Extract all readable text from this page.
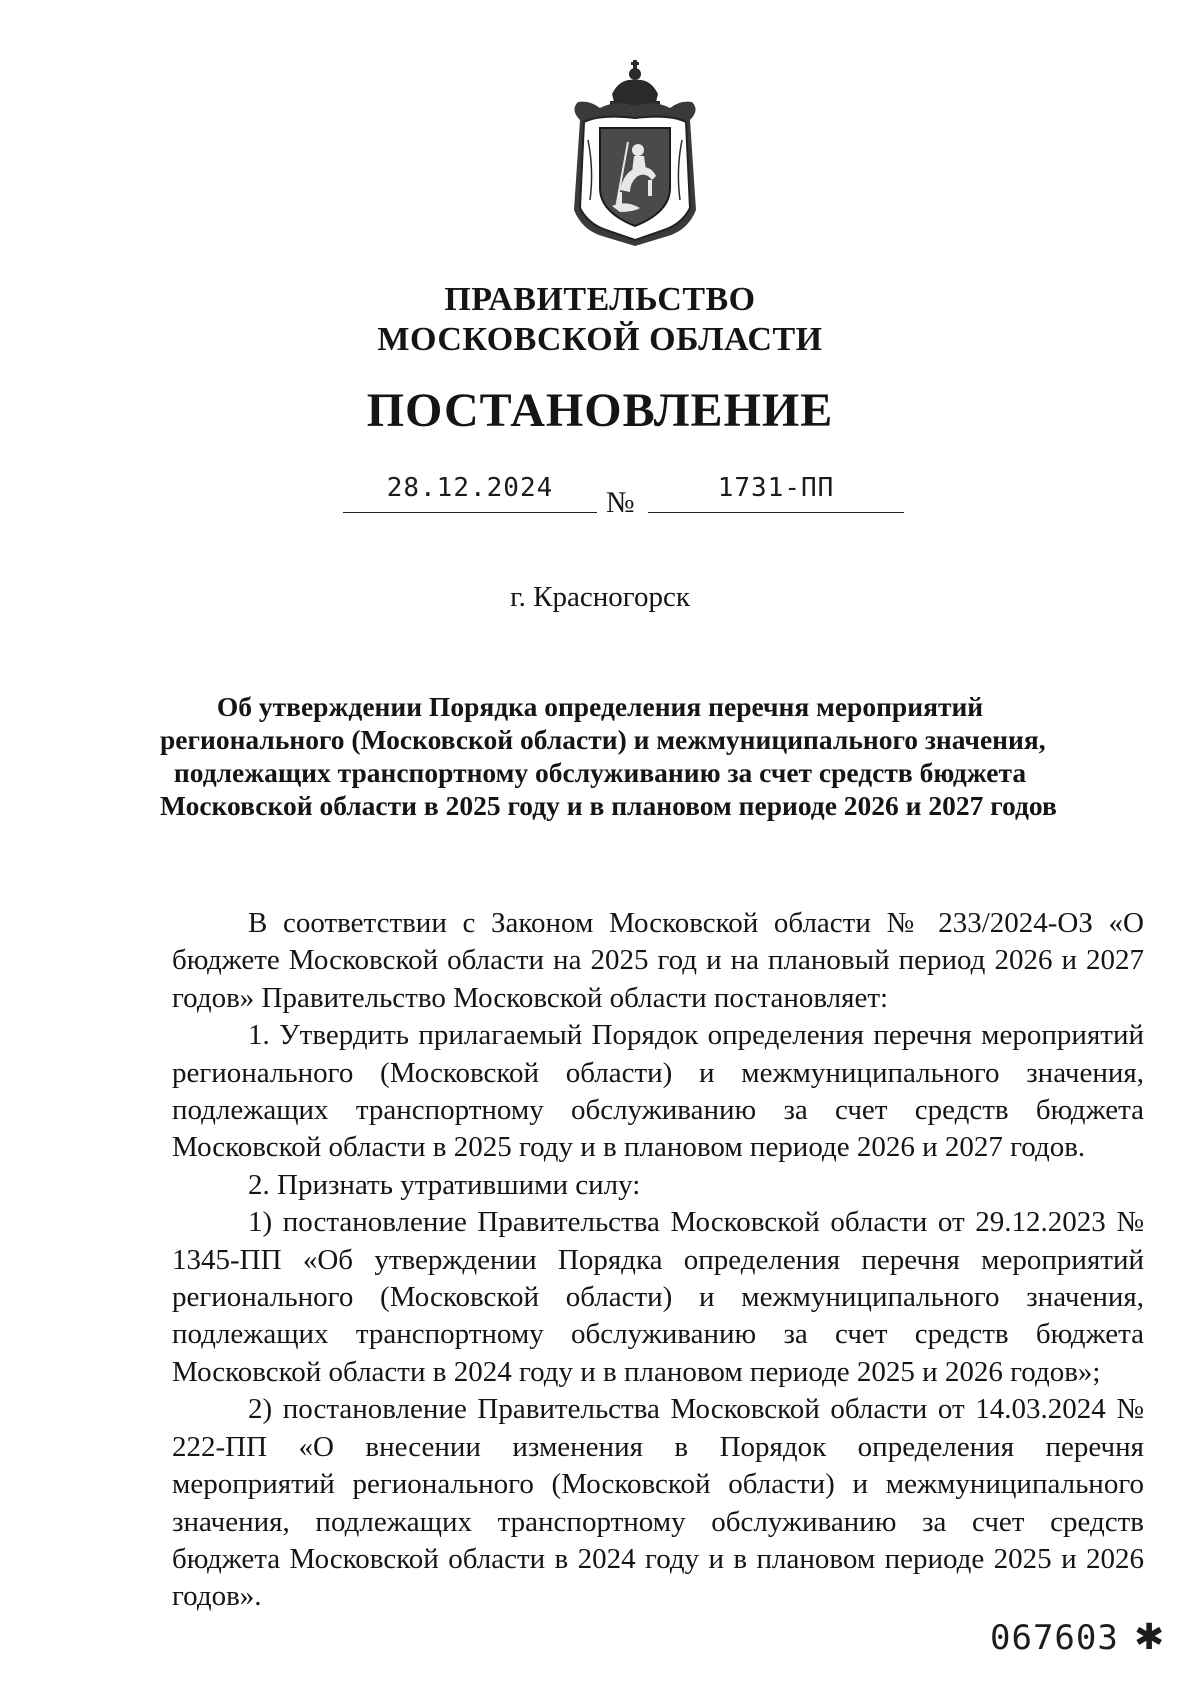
ПРАВИТЕЛЬСТВО
МОСКОВСКОЙ ОБЛАСТИ
ПОСТАНОВЛЕНИЕ
28.12.2024	№	1731-ПП
г. Красногорск
Об утверждении Порядка определения перечня мероприятий
регионального (Московской области) и межмуниципального значения,
подлежащих транспортному обслуживанию за счет средств бюджета
Московской области в 2025 году и в плановом периоде 2026 и 2027 годов

В соответствии с Законом Московской области № 233/2024-ОЗ «О бюджете Московской области на 2025 год и на плановый период 2026 и 2027 годов» Правительство Московской области постановляет:

1. Утвердить прилагаемый Порядок определения перечня мероприятий регионального (Московской области) и межмуниципального значения, подлежащих транспортному обслуживанию за счет средств бюджета Московской области в 2025 году и в плановом периоде 2026 и 2027 годов.

2. Признать утратившими силу:

1) постановление Правительства Московской области от 29.12.2023 № 1345-ПП «Об утверждении Порядка определения перечня мероприятий регионального (Московской области) и межмуниципального значения, подлежащих транспортному обслуживанию за счет средств бюджета Московской области в 2024 году и в плановом периоде 2025 и 2026 годов»;

2) постановление Правительства Московской области от 14.03.2024 № 222-ПП «О внесении изменения в Порядок определения перечня мероприятий регионального (Московской области) и межмуниципального значения, подлежащих транспортному обслуживанию за счет средств бюджета Московской области в 2024 году и в плановом периоде 2025 и 2026 годов».

067603 ✱
